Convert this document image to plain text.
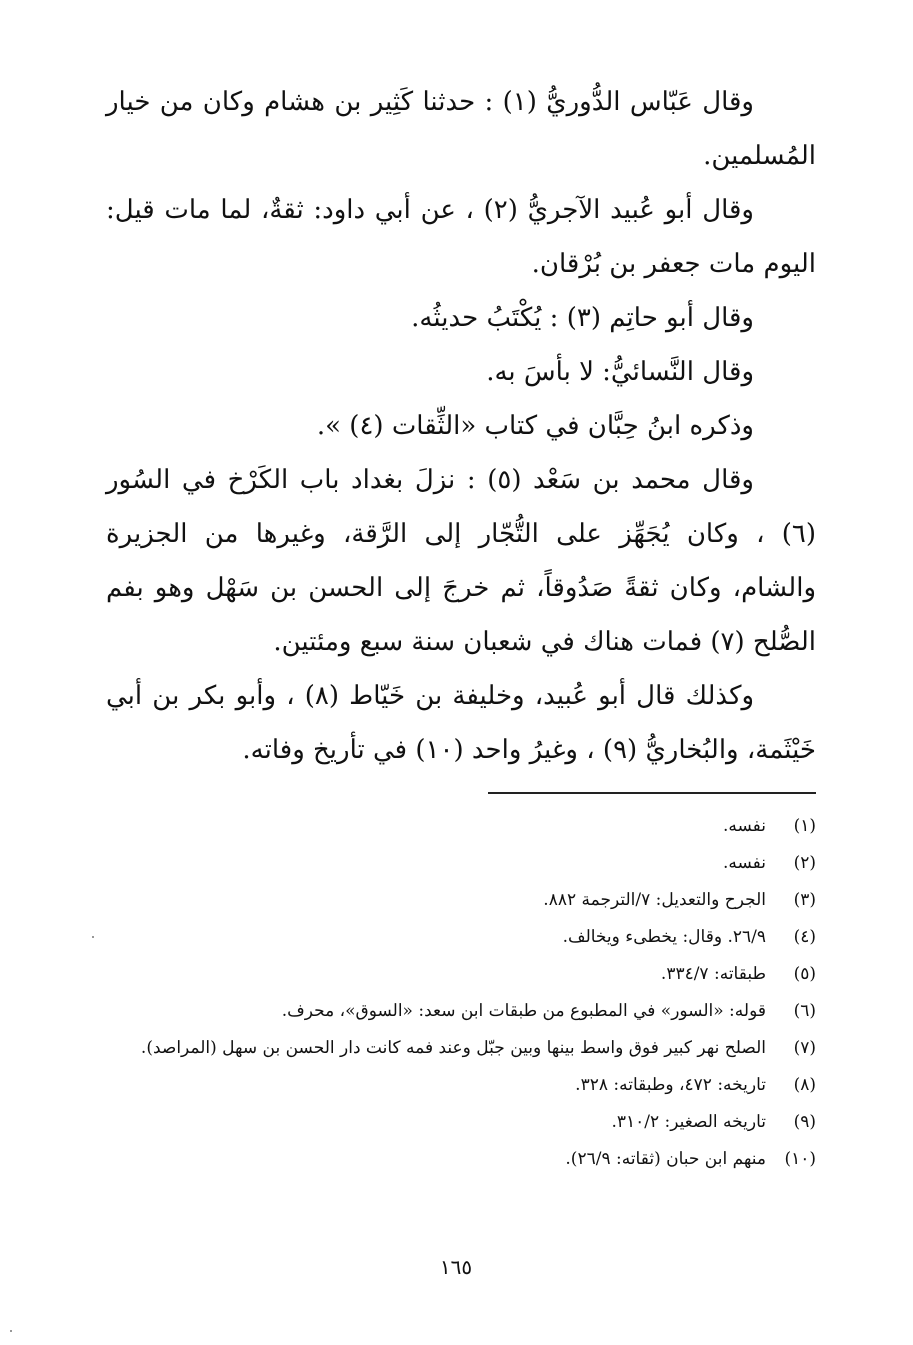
وقال عَبّاس الدُّوريُّ (١) : حدثنا كَثِير بن هشام وكان من خيار المُسلمين.

وقال أبو عُبيد الآجريُّ (٢) ، عن أبي داود: ثقةٌ، لما مات قيل: اليوم مات جعفر بن بُرْقان.

وقال أبو حاتِم (٣) : يُكْتَبُ حديثُه.

وقال النَّسائيُّ: لا بأسَ به.

وذكره ابنُ حِبَّان في كتاب «الثِّقات (٤) ».

وقال محمد بن سَعْد (٥) : نزلَ بغداد باب الكَرْخ في السُور (٦) ، وكان يُجَهِّز على التُّجّار إلى الرَّقة، وغيرها من الجزيرة والشام، وكان ثقةً صَدُوقاً، ثم خرجَ إلى الحسن بن سَهْل وهو بفم الصُّلح (٧) فمات هناك في شعبان سنة سبع ومئتين.

وكذلك قال أبو عُبيد، وخليفة بن خَيّاط (٨) ، وأبو بكر بن أبي خَيْثَمة، والبُخاريُّ (٩) ، وغيرُ واحد (١٠) في تأريخ وفاته.

(١)
نفسه.
(٢)
نفسه.
(٣)
الجرح والتعديل: ٧/الترجمة ٨٨٢.
(٤)
٢٦/٩. وقال: يخطىء ويخالف.
(٥)
طبقاته: ٣٣٤/٧.
(٦)
قوله: «السور» في المطبوع من طبقات ابن سعد: «السوق»، محرف.
(٧)
الصلح نهر كبير فوق واسط بينها وبين جبّل وعند فمه كانت دار الحسن بن سهل (المراصد).
(٨)
تاريخه: ٤٧٢، وطبقاته: ٣٢٨.
(٩)
تاريخه الصغير: ٣١٠/٢.
(١٠)
منهم ابن حبان (ثقاته: ٢٦/٩).
١٦٥
